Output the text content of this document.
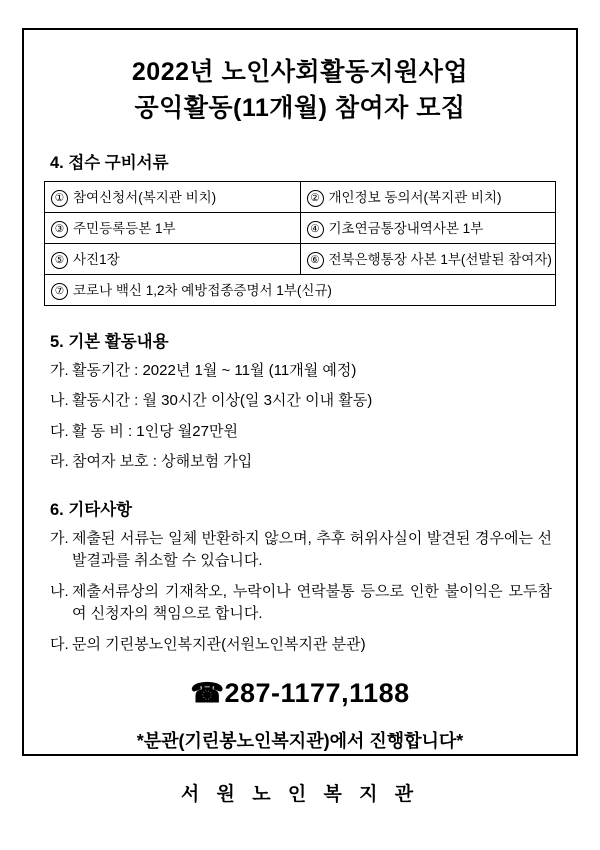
2022년 노인사회활동지원사업
공익활동(11개월) 참여자 모집
4. 접수 구비서류
① 참여신청서(복지관 비치)	② 개인정보 동의서(복지관 비치)
③ 주민등록등본 1부	④ 기초연금통장내역사본 1부
⑤ 사진1장	⑥ 전북은행통장 사본 1부(선발된 참여자)
⑦ 코로나 백신 1,2차 예방접종증명서 1부(신규)	
5. 기본 활동내용
가. 활동기간 : 2022년 1월 ~ 11월 (11개월 예정)
나. 활동시간 : 월 30시간 이상(일 3시간 이내 활동)
다. 활 동 비 : 1인당 월27만원
라. 참여자 보호 : 상해보험 가입
6. 기타사항
가. 제출된 서류는 일체 반환하지 않으며, 추후 허위사실이 발견된 경우에는 선발결과를 취소할 수 있습니다.
나. 제출서류상의 기재착오, 누락이나 연락불통 등으로 인한 불이익은 모두참여 신청자의 책임으로 합니다.
다. 문의 기린봉노인복지관(서원노인복지관 분관)
☎287-1177,1188
*분관(기린봉노인복지관)에서 진행합니다*
서 원 노 인 복 지 관
